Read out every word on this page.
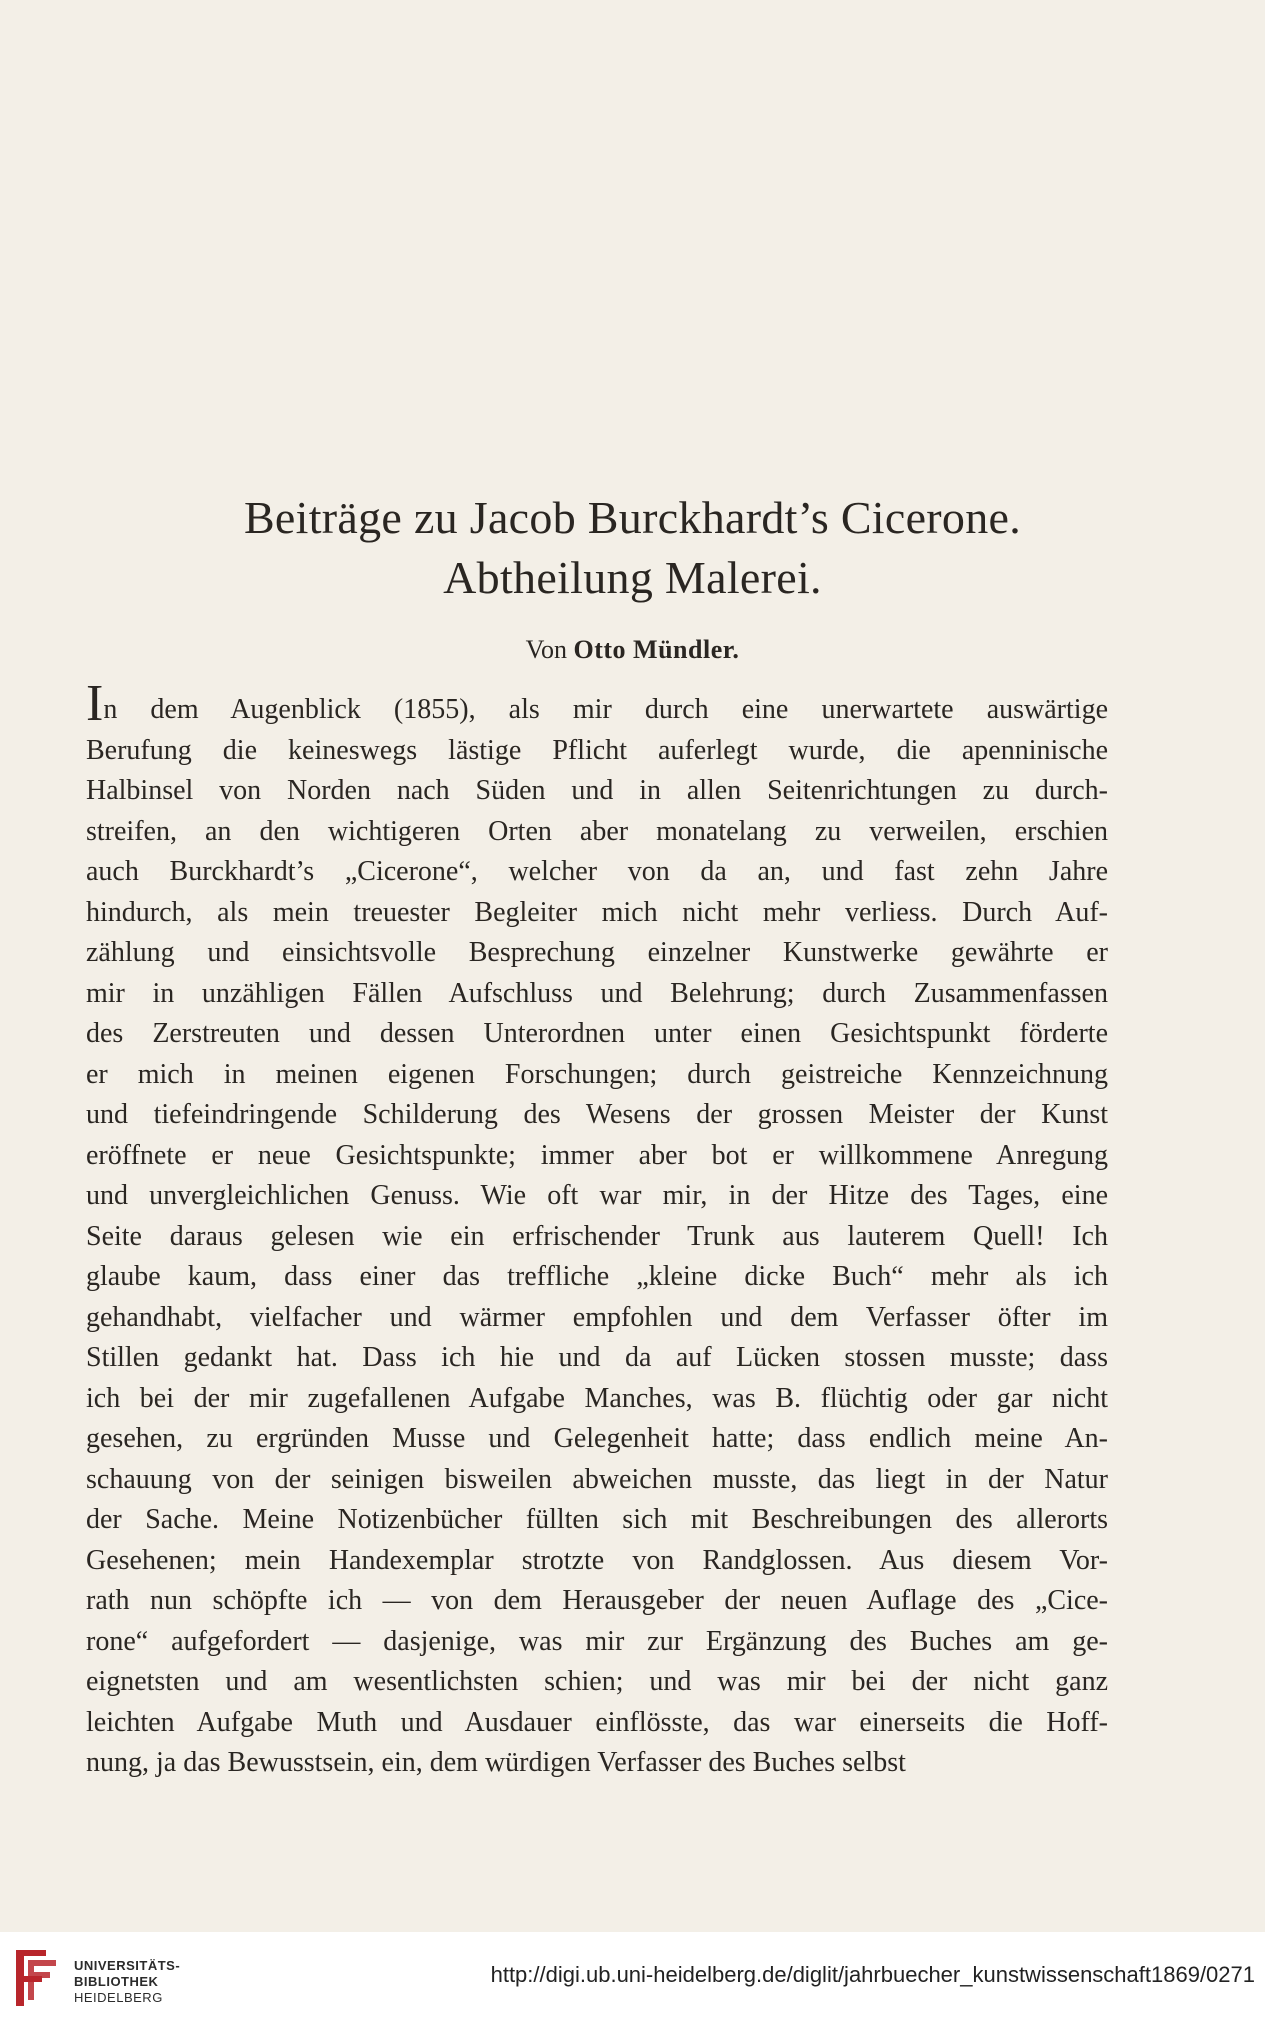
Beiträge zu Jacob Burckhardt’s Cicerone.
Abtheilung Malerei.
Von Otto Mündler.
In dem Augenblick (1855), als mir durch eine unerwartete auswärtige
Berufung die keineswegs lästige Pflicht auferlegt wurde, die apenninische
Halbinsel von Norden nach Süden und in allen Seitenrichtungen zu durch-
streifen, an den wichtigeren Orten aber monatelang zu verweilen, erschien
auch Burckhardt’s „Cicerone“, welcher von da an, und fast zehn Jahre
hindurch, als mein treuester Begleiter mich nicht mehr verliess. Durch Auf-
zählung und einsichtsvolle Besprechung einzelner Kunstwerke gewährte er
mir in unzähligen Fällen Aufschluss und Belehrung; durch Zusammenfassen
des Zerstreuten und dessen Unterordnen unter einen Gesichtspunkt förderte
er mich in meinen eigenen Forschungen; durch geistreiche Kennzeichnung
und tiefeindringende Schilderung des Wesens der grossen Meister der Kunst
eröffnete er neue Gesichtspunkte; immer aber bot er willkommene Anregung
und unvergleichlichen Genuss. Wie oft war mir, in der Hitze des Tages, eine
Seite daraus gelesen wie ein erfrischender Trunk aus lauterem Quell! Ich
glaube kaum, dass einer das treffliche „kleine dicke Buch“ mehr als ich
gehandhabt, vielfacher und wärmer empfohlen und dem Verfasser öfter im
Stillen gedankt hat. Dass ich hie und da auf Lücken stossen musste; dass
ich bei der mir zugefallenen Aufgabe Manches, was B. flüchtig oder gar nicht
gesehen, zu ergründen Musse und Gelegenheit hatte; dass endlich meine An-
schauung von der seinigen bisweilen abweichen musste, das liegt in der Natur
der Sache. Meine Notizenbücher füllten sich mit Beschreibungen des allerorts
Gesehenen; mein Handexemplar strotzte von Randglossen. Aus diesem Vor-
rath nun schöpfte ich — von dem Herausgeber der neuen Auflage des „Cice-
rone“ aufgefordert — dasjenige, was mir zur Ergänzung des Buches am ge-
eignetsten und am wesentlichsten schien; und was mir bei der nicht ganz
leichten Aufgabe Muth und Ausdauer einflösste, das war einerseits die Hoff-
nung, ja das Bewusstsein, ein, dem würdigen Verfasser des Buches selbst
UNIVERSITÄTS-
BIBLIOTHEK
HEIDELBERG
http://digi.ub.uni-heidelberg.de/diglit/jahrbuecher_kunstwissenschaft1869/0271
